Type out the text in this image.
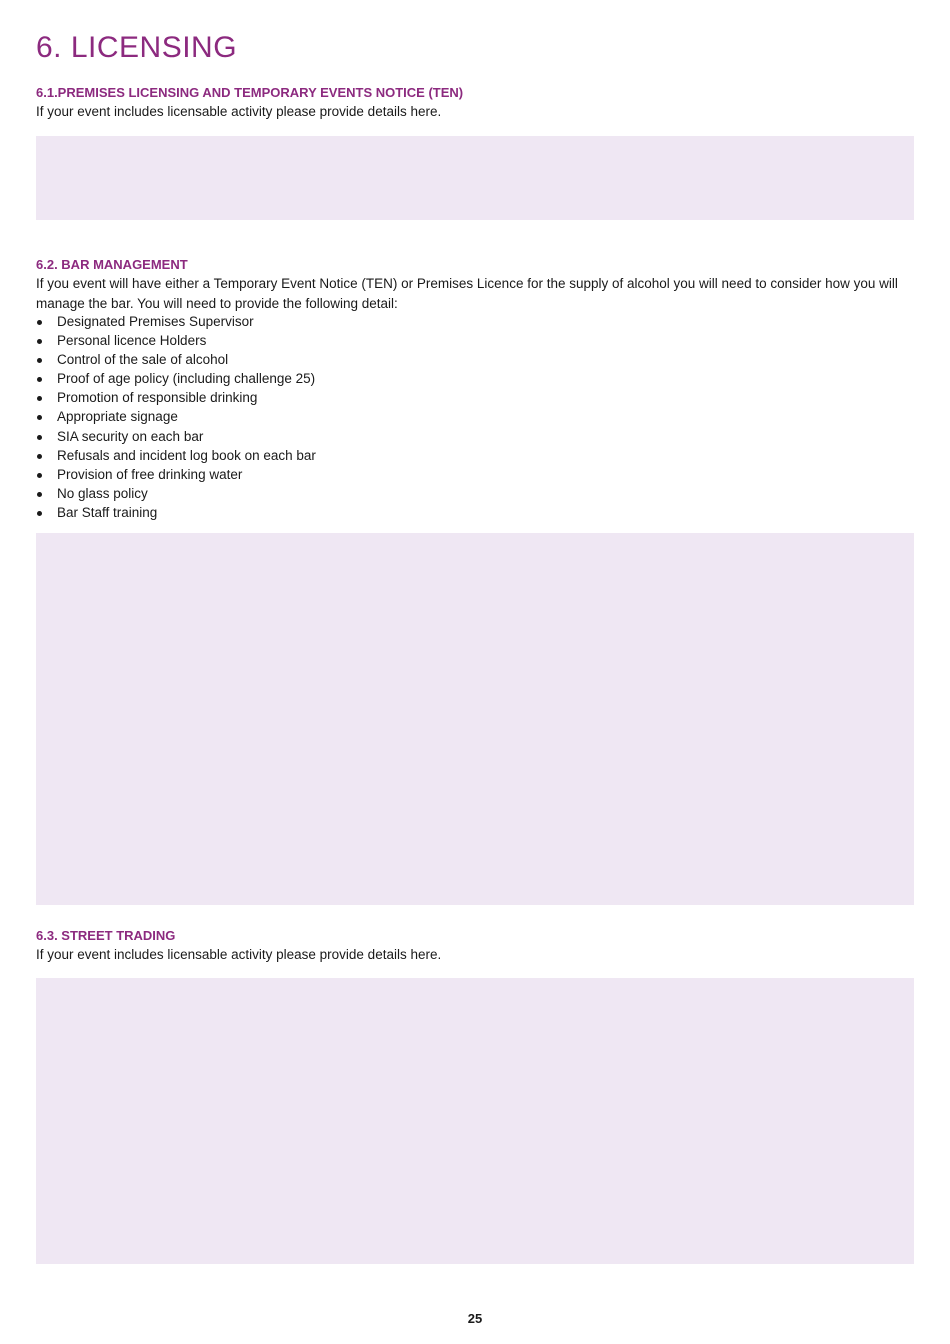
6. LICENSING
6.1.PREMISES LICENSING AND TEMPORARY EVENTS NOTICE (TEN)

If your event includes licensable activity please provide details here.

6.2. BAR MANAGEMENT

If you event will have either a Temporary Event Notice (TEN) or Premises Licence for the supply of alcohol you will need to consider how you will manage the bar. You will need to provide the following detail:

Designated Premises Supervisor
Personal licence Holders
Control of the sale of alcohol
Proof of age policy (including challenge 25)
Promotion of responsible drinking
Appropriate signage
SIA security on each bar
Refusals and incident log book on each bar
Provision of free drinking water
No glass policy
Bar Staff training
6.3. STREET TRADING

If your event includes licensable activity please provide details here.

25
